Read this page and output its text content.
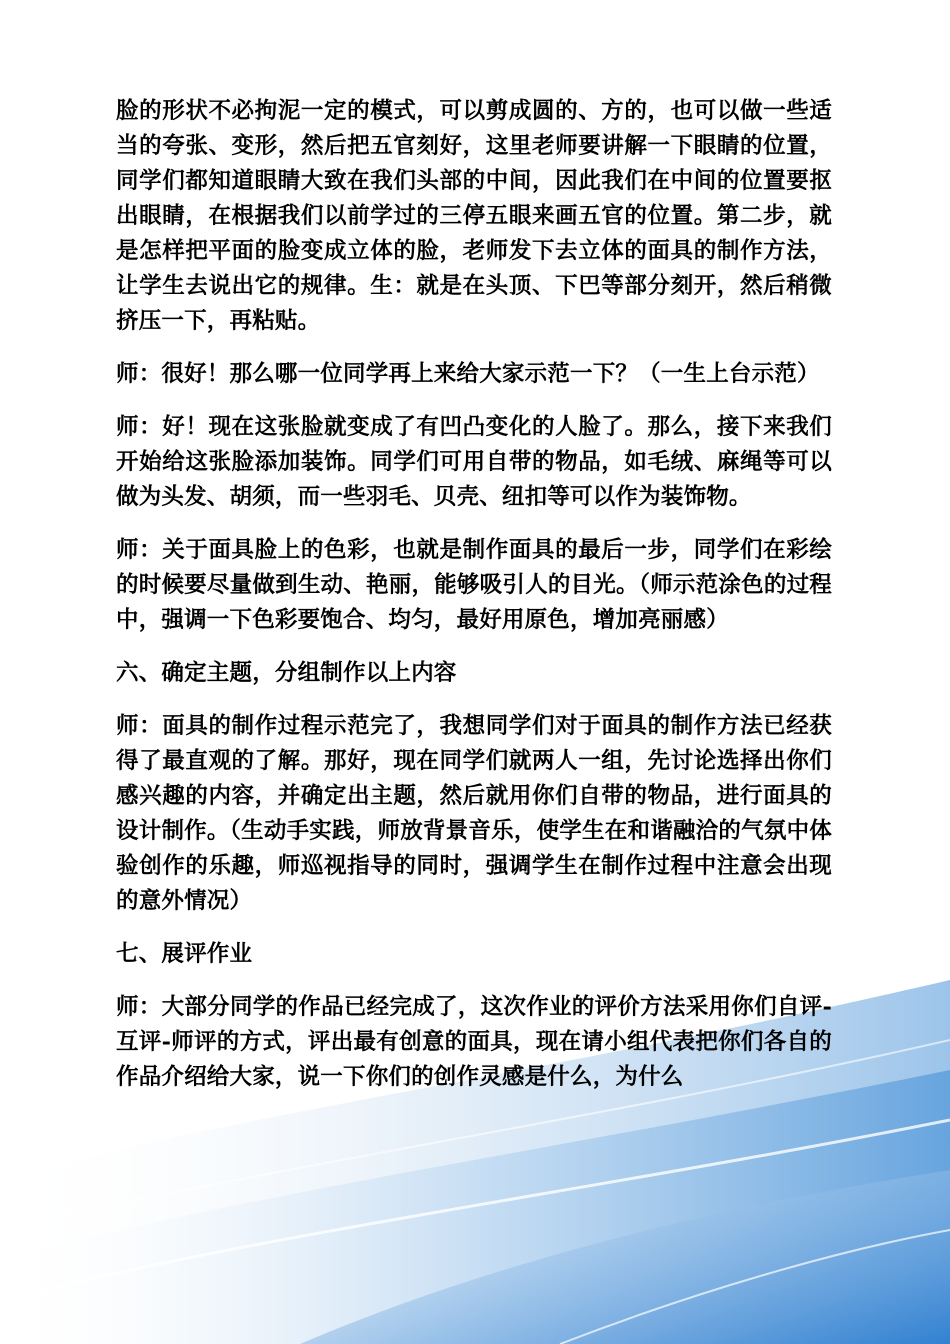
脸的形状不必拘泥一定的模式，可以剪成圆的、方的，也可以做一些适当的夸张、变形，然后把五官刻好，这里老师要讲解一下眼睛的位置，同学们都知道眼睛大致在我们头部的中间，因此我们在中间的位置要抠出眼睛，在根据我们以前学过的三停五眼来画五官的位置。第二步，就是怎样把平面的脸变成立体的脸，老师发下去立体的面具的制作方法，让学生去说出它的规律。生：就是在头顶、下巴等部分刻开，然后稍微挤压一下，再粘贴。

师：很好！那么哪一位同学再上来给大家示范一下？（一生上台示范）

师：好！现在这张脸就变成了有凹凸变化的人脸了。那么，接下来我们开始给这张脸添加装饰。同学们可用自带的物品，如毛绒、麻绳等可以做为头发、胡须，而一些羽毛、贝壳、纽扣等可以作为装饰物。

师：关于面具脸上的色彩，也就是制作面具的最后一步，同学们在彩绘的时候要尽量做到生动、艳丽，能够吸引人的目光。（师示范涂色的过程中，强调一下色彩要饱合、均匀，最好用原色，增加亮丽感）

六、确定主题，分组制作以上内容

师：面具的制作过程示范完了，我想同学们对于面具的制作方法已经获得了最直观的了解。那好，现在同学们就两人一组，先讨论选择出你们感兴趣的内容，并确定出主题，然后就用你们自带的物品，进行面具的设计制作。（生动手实践，师放背景音乐，使学生在和谐融洽的气氛中体验创作的乐趣，师巡视指导的同时，强调学生在制作过程中注意会出现的意外情况）

七、展评作业

师：大部分同学的作品已经完成了，这次作业的评价方法采用你们自评-互评-师评的方式，评出最有创意的面具，现在请小组代表把你们各自的作品介绍给大家，说一下你们的创作灵感是什么，为什么
